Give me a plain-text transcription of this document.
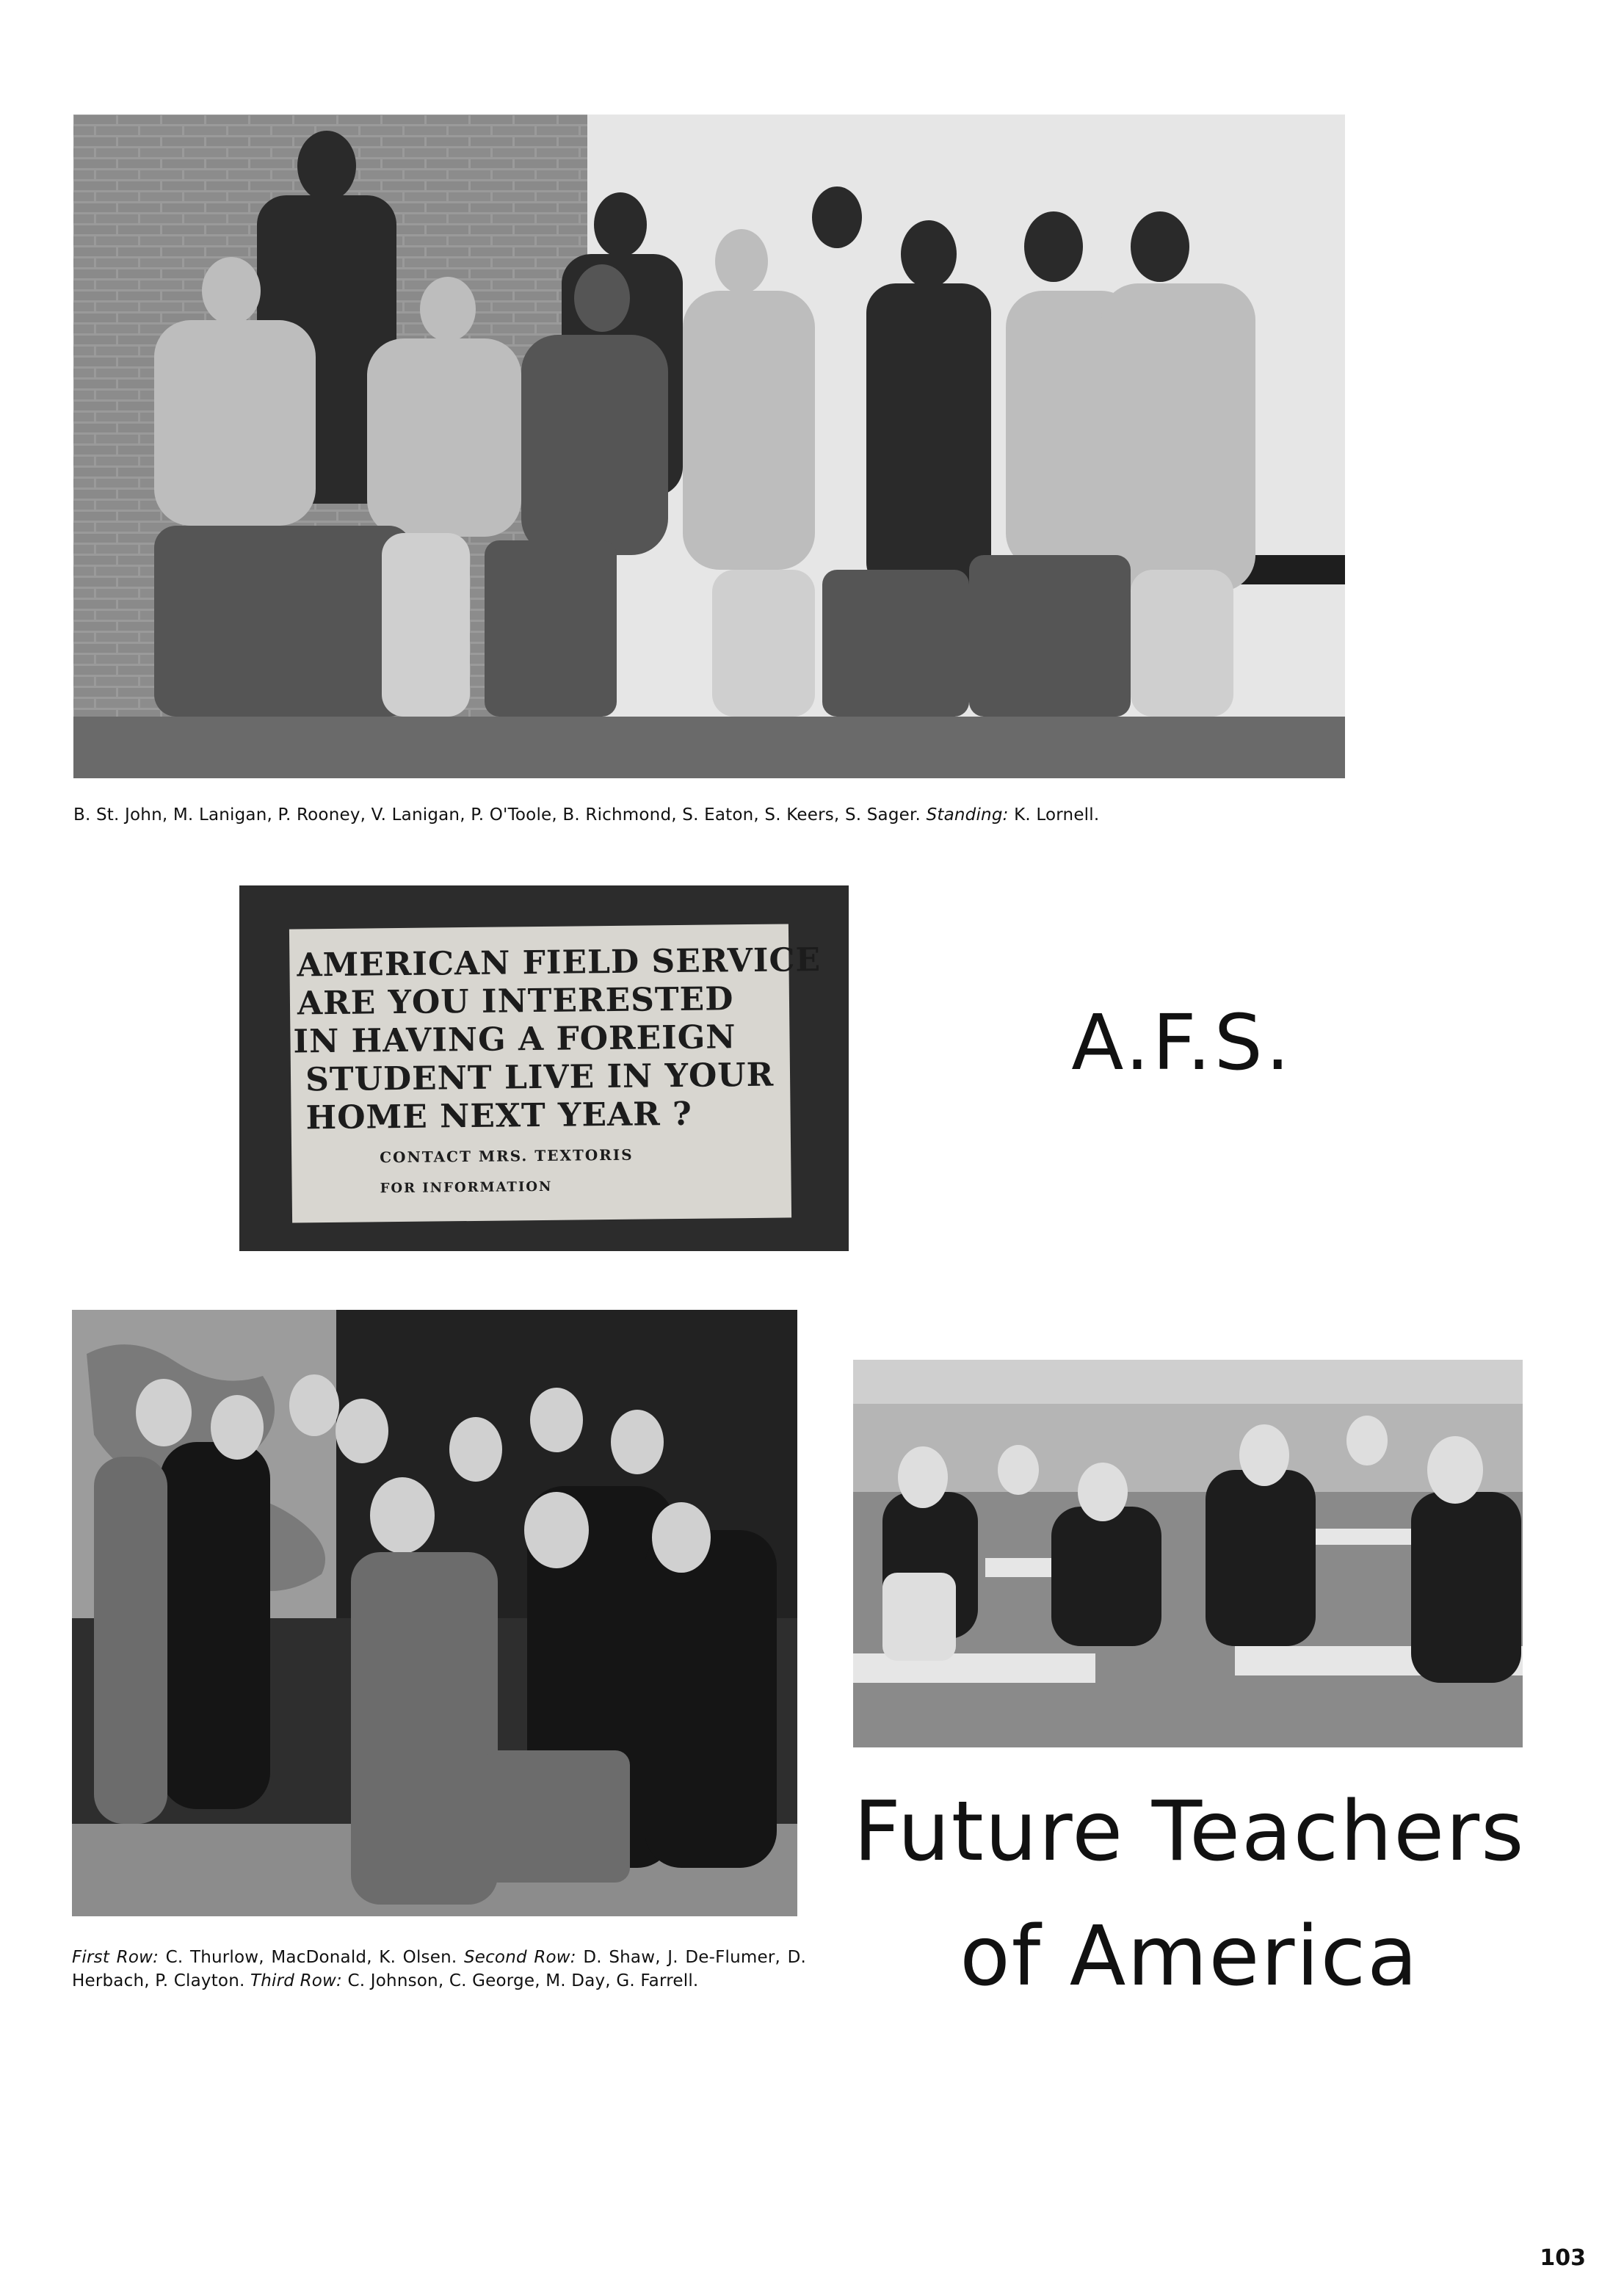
B. St. John, M. Lanigan, P. Rooney, V. Lanigan, P. O'Toole, B. Richmond, S. Eaton, S. Keers, S. Sager. Standing: K. Lornell.
AMERICAN FIELD SERVICE
ARE YOU INTERESTED
IN HAVING A FOREIGN
STUDENT LIVE IN YOUR
HOME NEXT YEAR ?
CONTACT MRS. TEXTORIS
FOR INFORMATION
A.F.S.
First Row: C. Thurlow, MacDonald, K. Olsen. Second Row: D. Shaw, J. De-Flumer, D. Herbach, P. Clayton. Third Row: C. Johnson, C. George, M. Day, G. Farrell.
Future Teachers
of America
103
